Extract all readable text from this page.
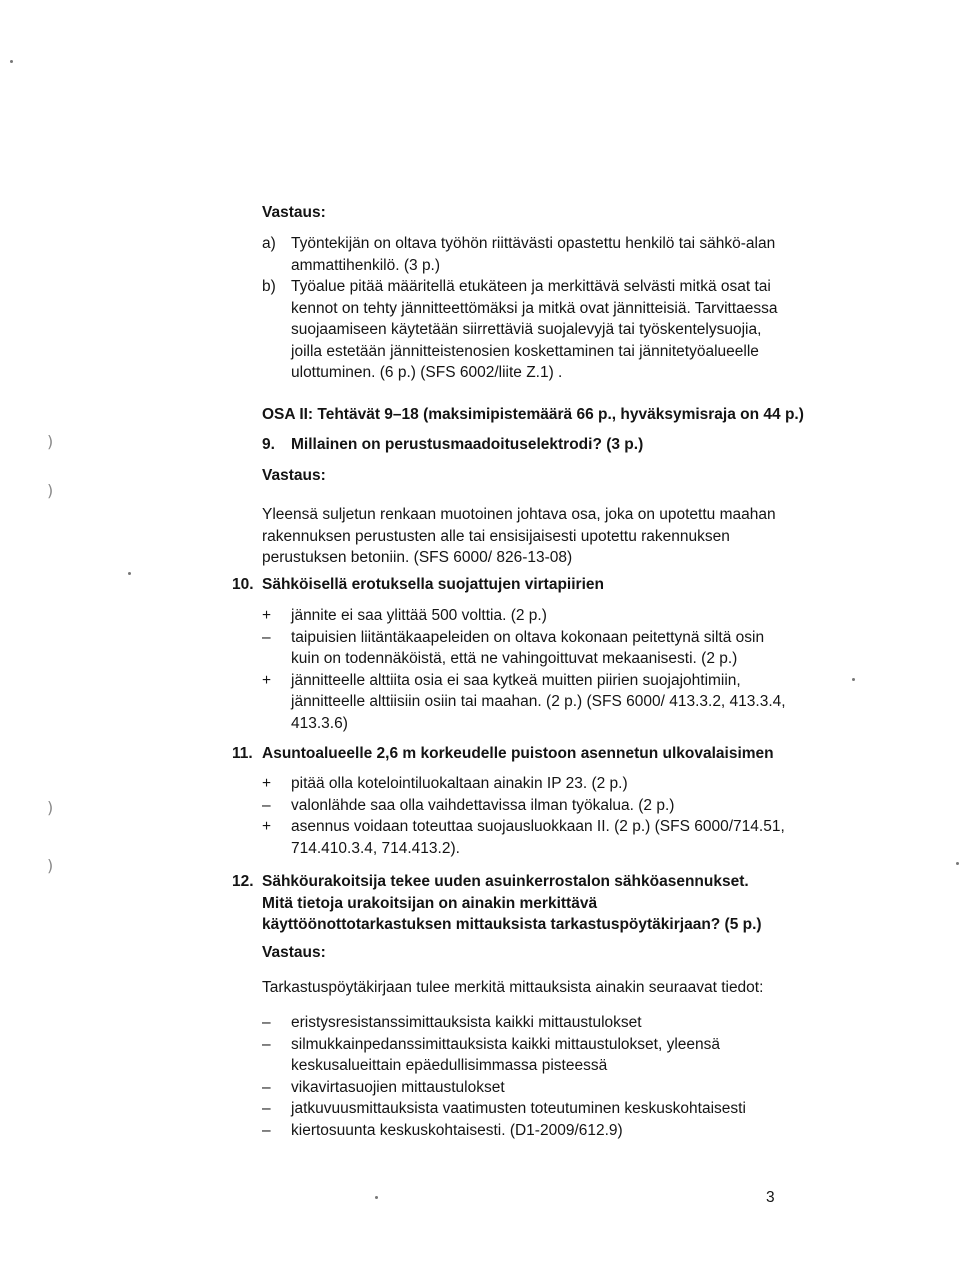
Vastaus:
a) Työntekijän on oltava työhön riittävästi opastettu henkilö tai sähkö-alan ammattihenkilö. (3 p.)
b) Työalue pitää määritellä etukäteen ja merkittävä selvästi mitkä osat tai kennot on tehty jännitteettömäksi ja mitkä ovat jännitteisiä. Tarvittaessa suojaamiseen käytetään siirrettäviä suojalevyjä tai työskentelysuojia, joilla estetään jännitteistenosien koskettaminen tai jännitetyöalueelle ulottuminen. (6 p.) (SFS 6002/liite Z.1) .
OSA II: Tehtävät 9–18 (maksimipistemäärä 66 p., hyväksymisraja on 44 p.)
9. Millainen on perustusmaadoituselektrodi? (3 p.)
Vastaus:
Yleensä suljetun renkaan muotoinen johtava osa, joka on upotettu maahan rakennuksen perustusten alle tai ensisijaisesti upotettu rakennuksen perustuksen betoniin. (SFS 6000/ 826-13-08)
10. Sähköisellä erotuksella suojattujen virtapiirien
+	jännite ei saa ylittää 500 volttia. (2 p.)
–	taipuisien liitäntäkaapeleiden on oltava kokonaan peitettynä siltä osin kuin on todennäköistä, että ne vahingoittuvat mekaanisesti. (2 p.)
+	jännitteelle alttiita osia ei saa kytkeä muitten piirien suojajohtimiin, jännitteelle alttiisiin osiin tai maahan. (2 p.) (SFS 6000/ 413.3.2, 413.3.4, 413.3.6)
11. Asuntoalueelle 2,6 m korkeudelle puistoon asennetun ulkovalaisimen
+	pitää olla kotelointiluokaltaan ainakin IP 23. (2 p.)
–	valonlähde saa olla vaihdettavissa ilman työkalua. (2 p.)
+	asennus voidaan toteuttaa suojausluokkaan II. (2 p.) (SFS 6000/714.51, 714.410.3.4, 714.413.2).
12. Sähköurakoitsija tekee uuden asuinkerrostalon sähköasennukset. Mitä tietoja urakoitsijan on ainakin merkittävä käyttöönottotarkastuksen mittauksista tarkastuspöytäkirjaan? (5 p.)
Vastaus:
Tarkastuspöytäkirjaan tulee merkitä mittauksista ainakin seuraavat tiedot:
–	eristysresistanssimittauksista kaikki mittaustulokset
–	silmukkainpedanssimittauksista kaikki mittaustulokset, yleensä keskusalueittain epäedullisimmassa pisteessä
–	vikavirtasuojien mittaustulokset
–	jatkuvuusmittauksista vaatimusten toteutuminen keskuskohtaisesti
–	kiertosuunta keskuskohtaisesti. (D1-2009/612.9)
3
)
)
)
)
